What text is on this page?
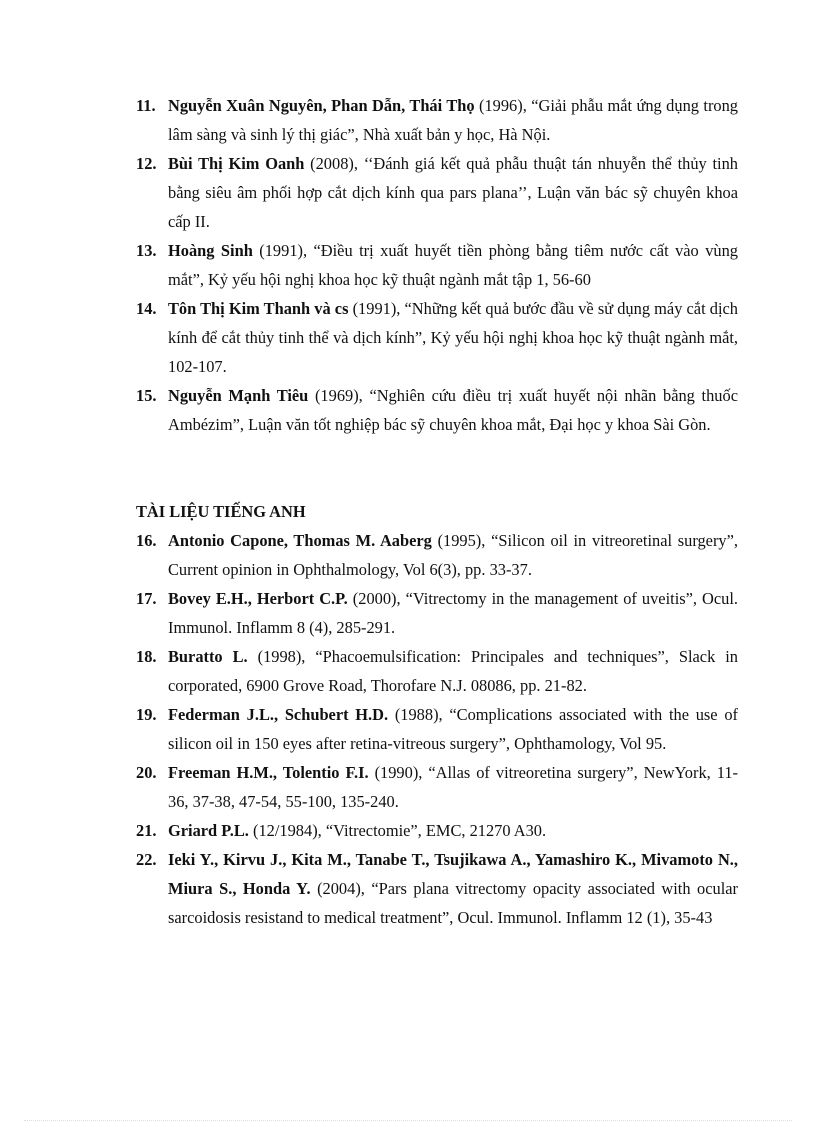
11. Nguyễn Xuân Nguyên, Phan Dẫn, Thái Thọ (1996), “Giải phẫu mắt ứng dụng trong lâm sàng và sinh lý thị giác”, Nhà xuất bản y học, Hà Nội.
12. Bùi Thị Kim Oanh (2008), ‘‘Đánh giá kết quả phẫu thuật tán nhuyễn thể thủy tinh bằng siêu âm phối hợp cắt dịch kính qua pars plana’’, Luận văn bác sỹ chuyên khoa cấp II.
13. Hoàng Sinh (1991), “Điều trị xuất huyết tiền phòng bằng tiêm nước cất vào vùng mắt”, Kỷ yếu hội nghị khoa học kỹ thuật ngành mắt tập 1, 56-60
14. Tôn Thị Kim Thanh và cs (1991), “Những kết quả bước đầu về sử dụng máy cắt dịch kính để cắt thủy tinh thể và dịch kính”, Kỷ yếu hội nghị khoa học kỹ thuật ngành mắt, 102-107.
15. Nguyễn Mạnh Tiêu (1969), “Nghiên cứu điều trị xuất huyết nội nhãn bằng thuốc Ambézim”, Luận văn tốt nghiệp bác sỹ chuyên khoa mắt, Đại học y khoa Sài Gòn.
TÀI LIỆU TIẾNG ANH
16. Antonio Capone, Thomas M. Aaberg (1995), “Silicon oil in vitreoretinal surgery”, Current opinion in Ophthalmology, Vol 6(3), pp. 33-37.
17. Bovey E.H., Herbort C.P. (2000), “Vitrectomy in the management of uveitis”, Ocul. Immunol. Inflamm 8 (4), 285-291.
18. Buratto L. (1998), “Phacoemulsification: Principales and techniques”, Slack in corporated, 6900 Grove Road, Thorofare N.J. 08086, pp. 21-82.
19. Federman J.L., Schubert H.D. (1988), “Complications associated with the use of silicon oil in 150 eyes after retina-vitreous surgery”, Ophthamology, Vol 95.
20. Freeman H.M., Tolentio F.I. (1990), “Allas of vitreoretina surgery”, NewYork, 11-36, 37-38, 47-54, 55-100, 135-240.
21. Griard P.L. (12/1984), “Vitrectomie”, EMC, 21270 A30.
22. Ieki Y., Kirvu J., Kita M., Tanabe T., Tsujikawa A., Yamashiro K., Mivamoto N., Miura S., Honda Y. (2004), “Pars plana vitrectomy opacity associated with ocular sarcoidosis resistand to medical treatment”, Ocul. Immunol. Inflamm 12 (1), 35-43
